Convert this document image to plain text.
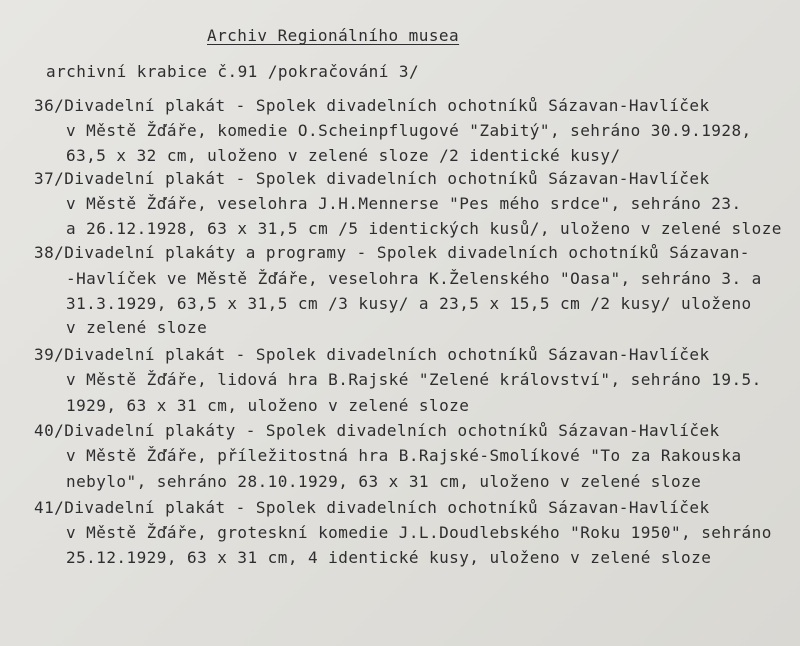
Archiv Regionálního musea
archivní krabice č.91 /pokračování 3/
36/Divadelní plakát - Spolek divadelních ochotníků Sázavan-Havlíček
v Městě Žďáře, komedie O.Scheinpflugové "Zabitý", sehráno 30.9.1928,
63,5 x 32 cm, uloženo v zelené sloze /2 identické kusy/
37/Divadelní plakát - Spolek divadelních ochotníků Sázavan-Havlíček
v Městě Žďáře, veselohra J.H.Mennerse "Pes mého srdce", sehráno 23.
a 26.12.1928, 63 x 31,5 cm /5 identických kusů/, uloženo v zelené sloze
38/Divadelní plakáty a programy - Spolek divadelních ochotníků Sázavan-
-Havlíček ve Městě Žďáře, veselohra K.Želenského "Oasa", sehráno 3. a
31.3.1929, 63,5 x 31,5 cm /3 kusy/ a 23,5 x 15,5 cm /2 kusy/ uloženo
v zelené sloze
39/Divadelní plakát - Spolek divadelních ochotníků Sázavan-Havlíček
v Městě Žďáře, lidová hra B.Rajské "Zelené království", sehráno 19.5.
1929, 63 x 31 cm, uloženo v zelené sloze
40/Divadelní plakáty - Spolek divadelních ochotníků Sázavan-Havlíček
v Městě Žďáře, příležitostná hra B.Rajské-Smolíkové "To za Rakouska
nebylo", sehráno 28.10.1929, 63 x 31 cm, uloženo v zelené sloze
41/Divadelní plakát - Spolek divadelních ochotníků Sázavan-Havlíček
v Městě Žďáře, groteskní komedie J.L.Doudlebského "Roku 1950", sehráno
25.12.1929, 63 x 31 cm, 4 identické kusy, uloženo v zelené sloze
